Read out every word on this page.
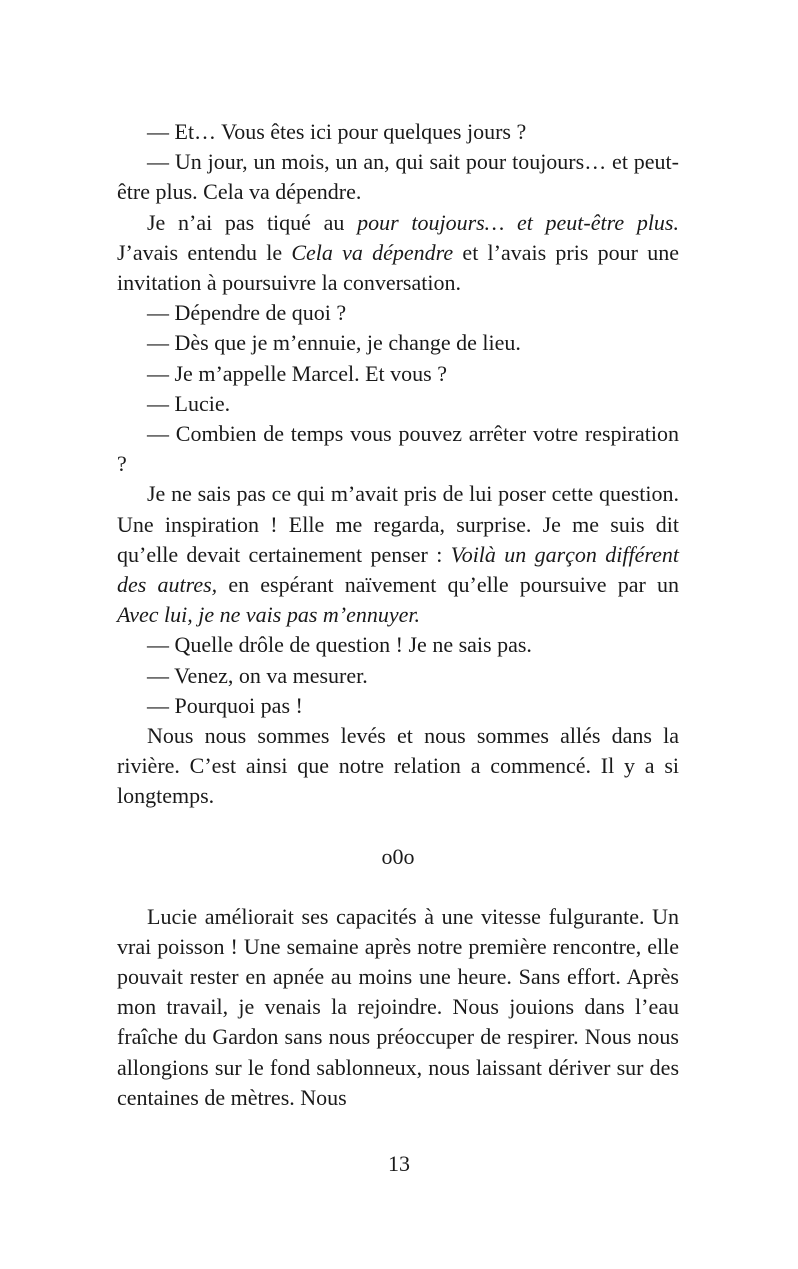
— Et… Vous êtes ici pour quelques jours ?

— Un jour, un mois, un an, qui sait pour toujours… et peut-être plus. Cela va dépendre.

Je n’ai pas tiqué au pour toujours… et peut-être plus. J’avais entendu le Cela va dépendre et l’avais pris pour une invitation à poursuivre la conversation.

— Dépendre de quoi ?

— Dès que je m’ennuie, je change de lieu.

— Je m’appelle Marcel. Et vous ?

— Lucie.

— Combien de temps vous pouvez arrêter votre respiration ?

Je ne sais pas ce qui m’avait pris de lui poser cette question. Une inspiration ! Elle me regarda, surprise. Je me suis dit qu’elle devait certainement penser : Voilà un garçon différent des autres, en espérant naïvement qu’elle poursuive par un Avec lui, je ne vais pas m’ennuyer.

— Quelle drôle de question ! Je ne sais pas.

— Venez, on va mesurer.

— Pourquoi pas !

Nous nous sommes levés et nous sommes allés dans la rivière. C’est ainsi que notre relation a commencé. Il y a si longtemps.

o0o

Lucie améliorait ses capacités à une vitesse fulgurante. Un vrai poisson ! Une semaine après notre première rencontre, elle pouvait rester en apnée au moins une heure. Sans effort. Après mon travail, je venais la rejoindre. Nous jouions dans l’eau fraîche du Gardon sans nous préoccuper de respirer. Nous nous allongions sur le fond sablonneux, nous laissant dériver sur des centaines de mètres. Nous

13
